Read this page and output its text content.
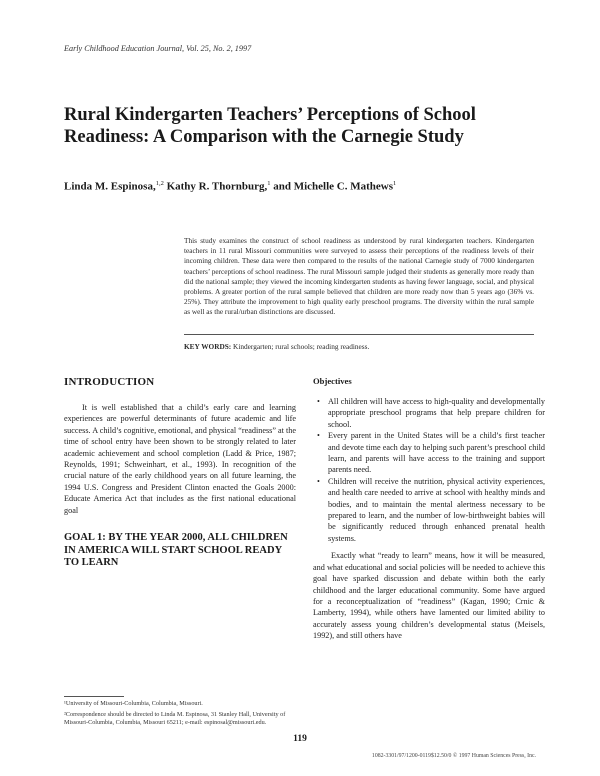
Early Childhood Education Journal, Vol. 25, No. 2, 1997
Rural Kindergarten Teachers’ Perceptions of School
Readiness: A Comparison with the Carnegie Study
Linda M. Espinosa,$^{1,2}$ Kathy R. Thornburg,$^1$ and Michelle C. Mathews$^1$

This study examines the construct of school readiness as understood by rural kindergarten teachers. Kindergarten teachers in 11 rural Missouri communities were surveyed to assess their perceptions of the readiness levels of their incoming children. These data were then compared to the results of the national Carnegie study of 7000 kindergarten teachers’ perceptions of school readiness. The rural Missouri sample judged their students as generally more ready than did the national sample; they viewed the incoming kindergarten students as having fewer language, social, and physical problems. A greater portion of the rural sample believed that children are more ready now than 5 years ago (36% vs. 25%). They attribute the improvement to high quality early preschool programs. The diversity within the rural sample as well as the rural/urban distinctions are discussed.

KEY WORDS: Kindergarten; rural schools; reading readiness.
INTRODUCTION

It is well established that a child’s early care and learning experiences are powerful determinants of future academic and life success. A child’s cognitive, emotional, and physical “readiness” at the time of school entry have been shown to be strongly related to later academic achievement and school completion (Ladd & Price, 1987; Reynolds, 1991; Schweinhart, et al., 1993). In recognition of the crucial nature of the early childhood years on all future learning, the 1994 U.S. Congress and President Clinton enacted the Goals 2000: Educate America Act that includes as the first national educational goal

GOAL 1: BY THE YEAR 2000, ALL CHILDREN IN AMERICA WILL START SCHOOL READY TO LEARN
¹University of Missouri-Columbia, Columbia, Missouri.
²Correspondence should be directed to Linda M. Espinosa, 31 Stanley Hall, University of Missouri-Columbia, Columbia, Missouri 65211; e-mail: espinosal@missouri.edu.
Objectives
• All children will have access to high-quality and developmentally appropriate preschool programs that help prepare children for school.
• Every parent in the United States will be a child’s first teacher and devote time each day to helping such parent’s preschool child learn, and parents will have access to the training and support parents need.
• Children will receive the nutrition, physical activity experiences, and health care needed to arrive at school with healthy minds and bodies, and to maintain the mental alertness necessary to be prepared to learn, and the number of low-birthweight babies will be significantly reduced through enhanced prenatal health systems.

Exactly what “ready to learn” means, how it will be measured, and what educational and social policies will be needed to achieve this goal have sparked discussion and debate within both the early childhood and the larger educational community. Some have argued for a reconceptualization of “readiness” (Kagan, 1990; Crnic & Lamberty, 1994), while others have lamented our limited ability to accurately assess young children’s developmental status (Meisels, 1992), and still others have

119
1082-3301/97/1200-0119$12.50/0 © 1997 Human Sciences Press, Inc.
